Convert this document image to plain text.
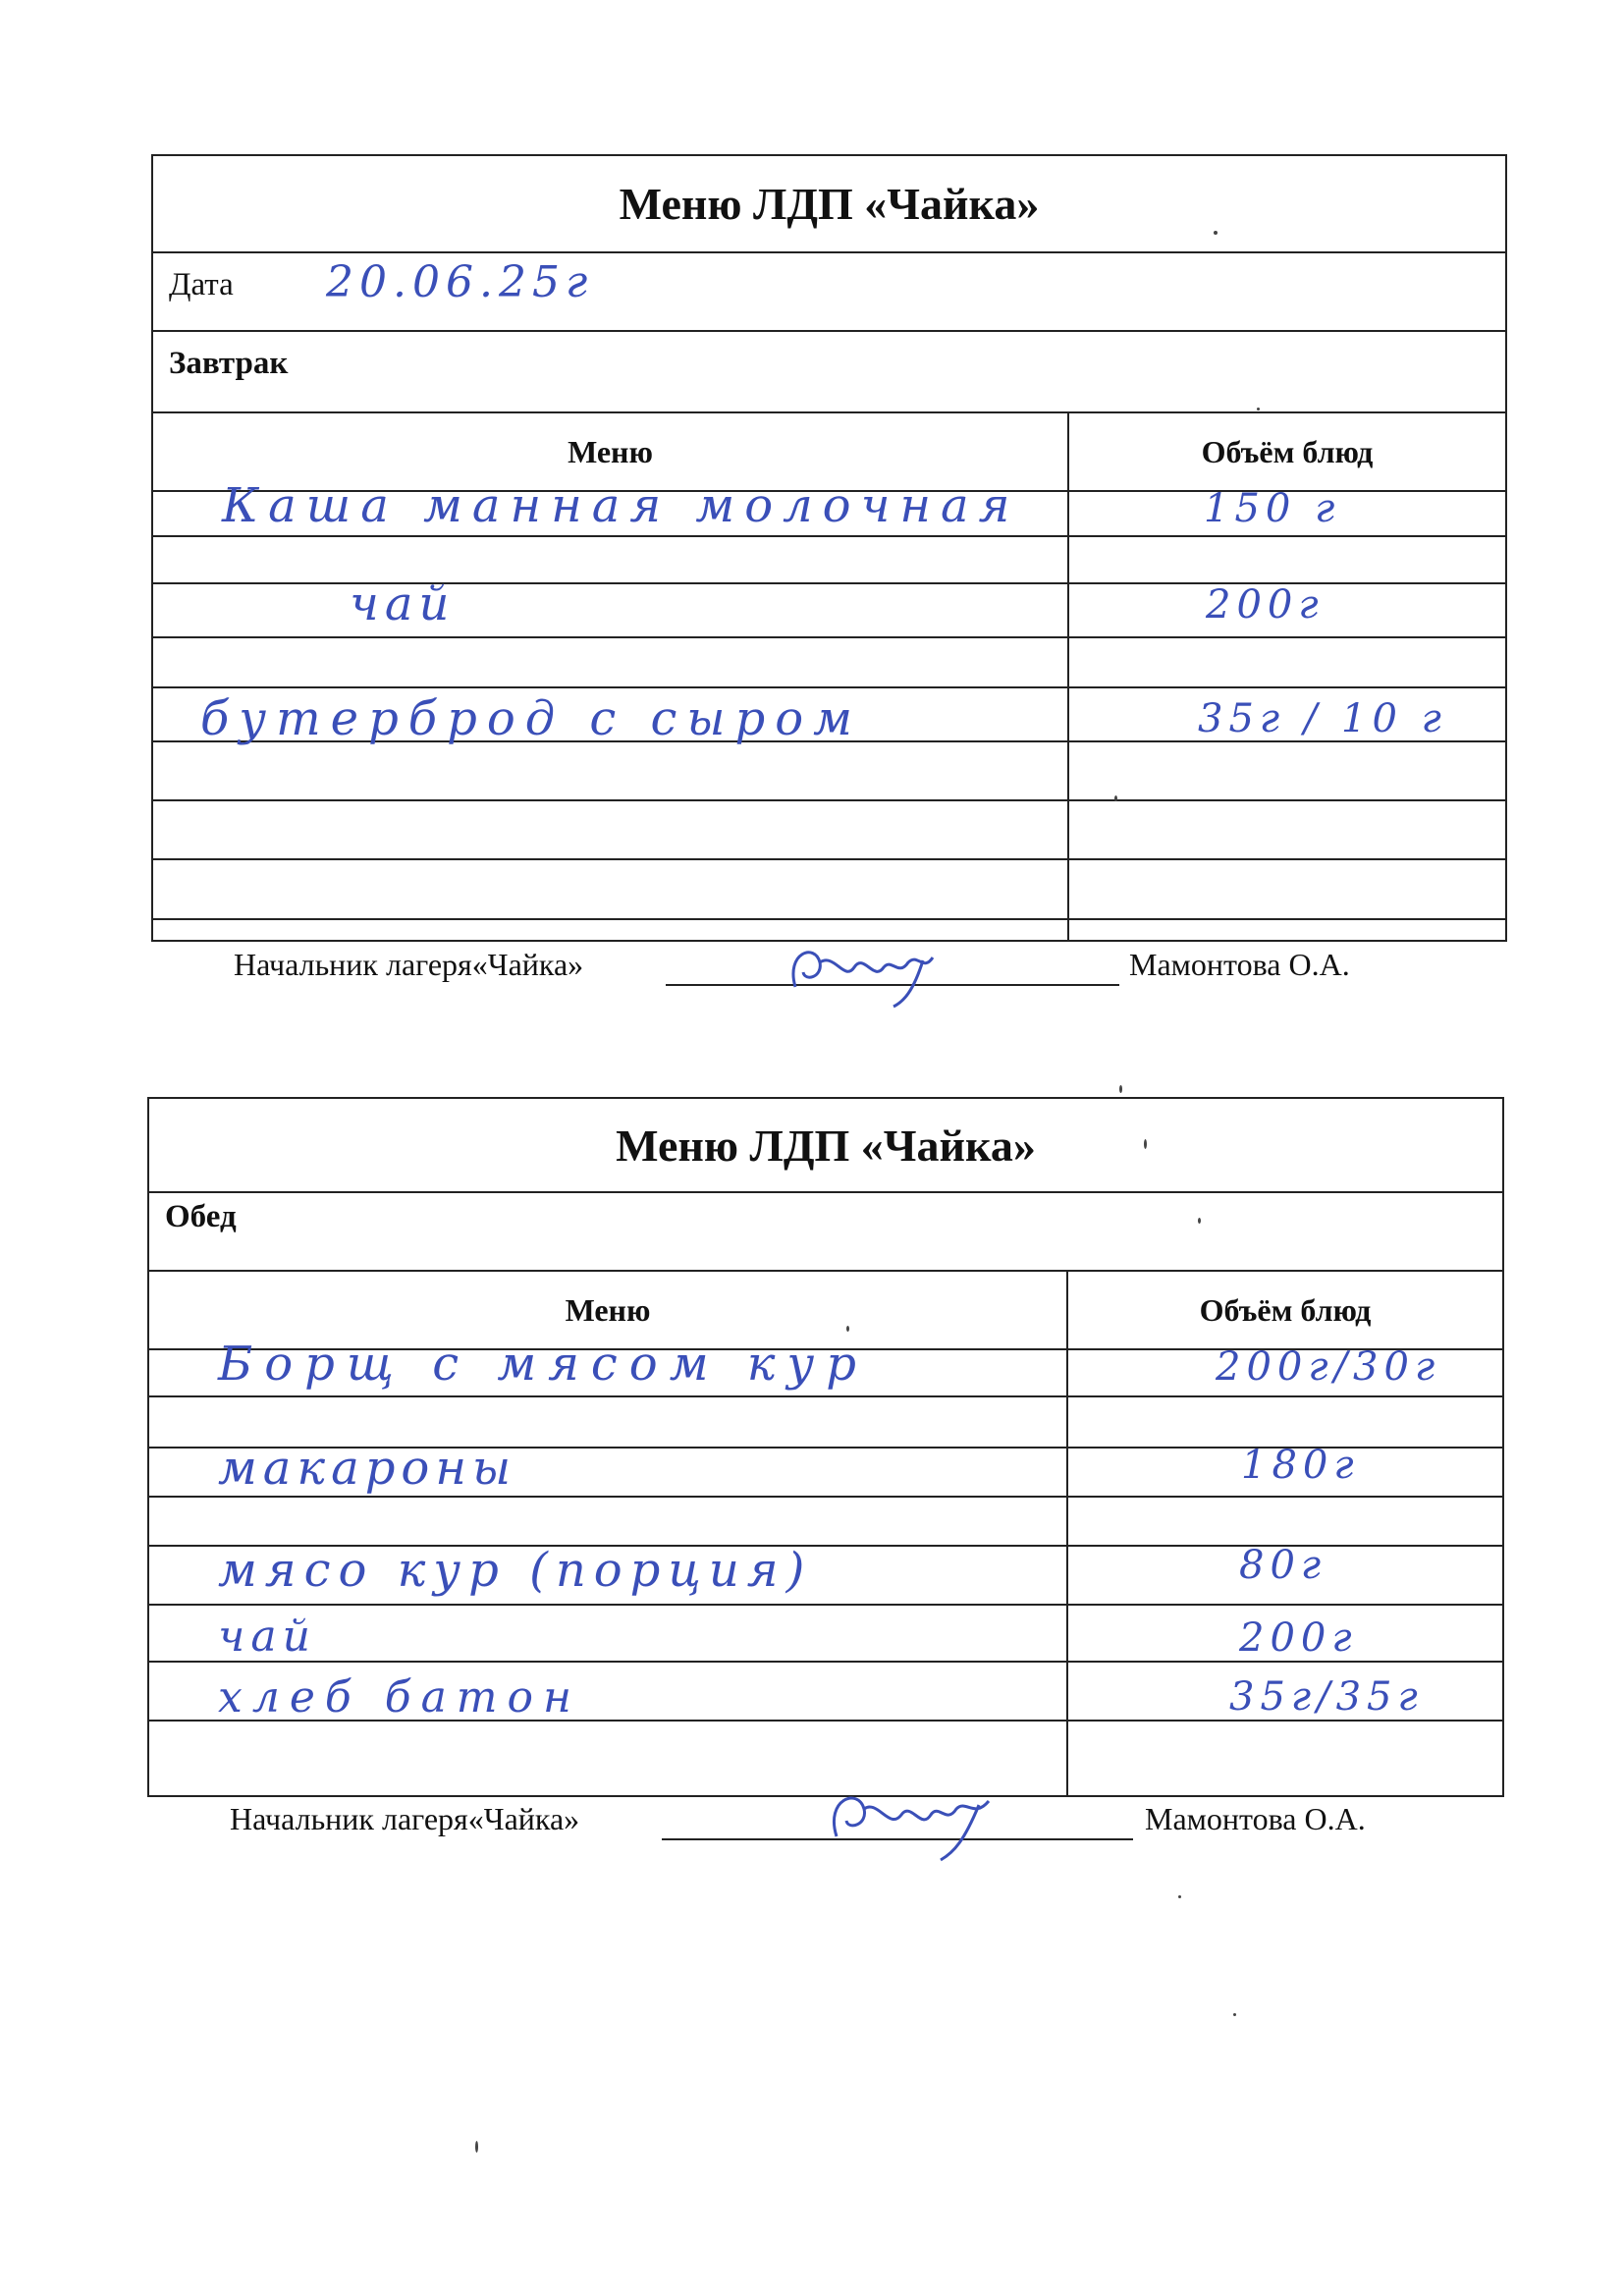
Меню ЛДП «Чайка»
Дата 20.06.25г
Завтрак
Меню	Объём блюд
Каша манная молочная	150 г
чай	200г
бутерброд с сыром	35г / 10 г
Начальник лагеря«Чайка»	Мамонтова О.А.
Меню ЛДП «Чайка»
Обед
Меню	Объём блюд
Борщ с мясом кур	200г/30г
макароны	180г
мясо кур (порция)	80г
чай	200г
хлеб батон	35г/35г
Начальник лагеря«Чайка»	Мамонтова О.А.
